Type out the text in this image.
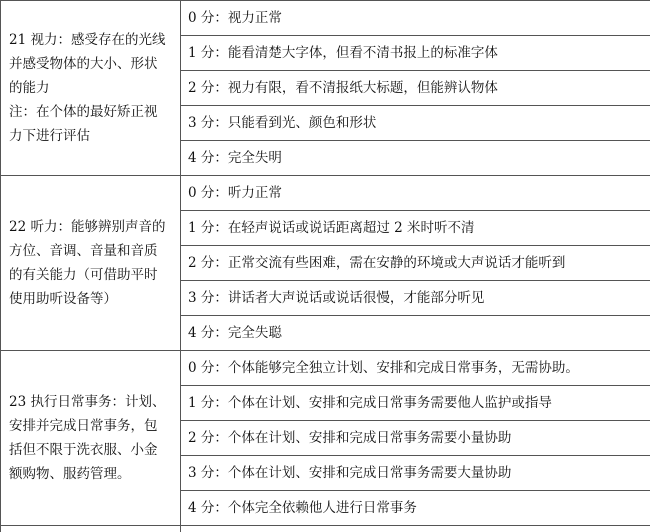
21 视力：感受存在的光线
并感受物体的大小、形状
的能力
注：在个体的最好矫正视
力下进行评估	0 分：视力正常
	1 分：能看清楚大字体，但看不清书报上的标准字体
	2 分：视力有限，看不清报纸大标题，但能辨认物体
	3 分：只能看到光、颜色和形状
	4 分：完全失明

22 听力：能够辨别声音的
方位、音调、音量和音质
的有关能力（可借助平时
使用助听设备等）	0 分：听力正常
	1 分：在轻声说话或说话距离超过 2 米时听不清
	2 分：正常交流有些困难，需在安静的环境或大声说话才能听到
	3 分：讲话者大声说话或说话很慢，才能部分听见
	4 分：完全失聪

23 执行日常事务：计划、
安排并完成日常事务，包
括但不限于洗衣服、小金
额购物、服药管理。	0 分：个体能够完全独立计划、安排和完成日常事务，无需协助。
	1 分：个体在计划、安排和完成日常事务需要他人监护或指导
	2 分：个体在计划、安排和完成日常事务需要小量协助
	3 分：个体在计划、安排和完成日常事务需要大量协助
	4 分：个体完全依赖他人进行日常事务
